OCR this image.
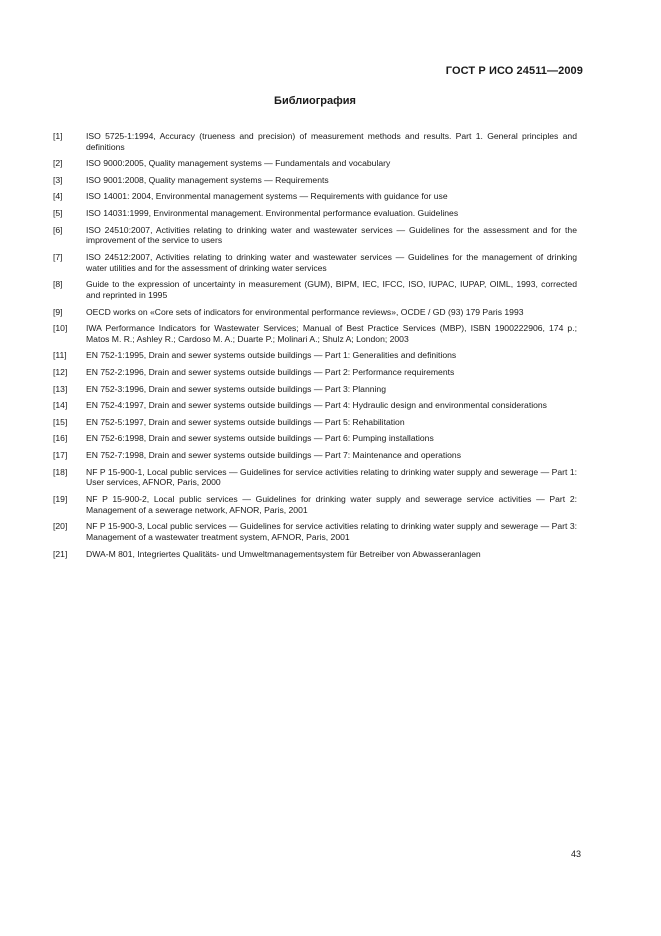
ГОСТ Р ИСО 24511—2009
Библиография
[1]	ISO 5725-1:1994, Accuracy (trueness and precision) of measurement methods and results. Part 1. General principles and definitions
[2]	ISO 9000:2005, Quality management systems — Fundamentals and vocabulary
[3]	ISO 9001:2008, Quality management systems — Requirements
[4]	ISO 14001: 2004, Environmental management systems — Requirements with guidance for use
[5]	ISO 14031:1999, Environmental management. Environmental performance evaluation. Guidelines
[6]	ISO 24510:2007, Activities relating to drinking water and wastewater services — Guidelines for the assessment and for the improvement of the service to users
[7]	ISO 24512:2007, Activities relating to drinking water and wastewater services — Guidelines for the management of drinking water utilities and for the assessment of drinking water services
[8]	Guide to the expression of uncertainty in measurement (GUM), BIPM, IEC, IFCC, ISO, IUPAC, IUPAP, OIML, 1993, corrected and reprinted in 1995
[9]	OECD works on «Core sets of indicators for environmental performance reviews», OCDE / GD (93) 179 Paris 1993
[10]	IWA Performance Indicators for Wastewater Services; Manual of Best Practice Services (MBP), ISBN 1900222906, 174 p.; Matos M. R.; Ashley R.; Cardoso M. A.; Duarte P.; Molinari A.; Shulz A; London; 2003
[11]	EN 752-1:1995, Drain and sewer systems outside buildings — Part 1: Generalities and definitions
[12]	EN 752-2:1996, Drain and sewer systems outside buildings — Part 2: Performance requirements
[13]	EN 752-3:1996, Drain and sewer systems outside buildings — Part 3: Planning
[14]	EN 752-4:1997, Drain and sewer systems outside buildings — Part 4: Hydraulic design and environmental considerations
[15]	EN 752-5:1997, Drain and sewer systems outside buildings — Part 5: Rehabilitation
[16]	EN 752-6:1998, Drain and sewer systems outside buildings — Part 6: Pumping installations
[17]	EN 752-7:1998, Drain and sewer systems outside buildings — Part 7: Maintenance and operations
[18]	NF P 15-900-1, Local public services — Guidelines for service activities relating to drinking water supply and sewerage — Part 1: User services, AFNOR, Paris, 2000
[19]	NF P 15-900-2, Local public services — Guidelines for drinking water supply and sewerage service activities — Part 2: Management of a sewerage network, AFNOR, Paris, 2001
[20]	NF P 15-900-3, Local public services — Guidelines for service activities relating to drinking water supply and sewerage — Part 3: Management of a wastewater treatment system, AFNOR, Paris, 2001
[21]	DWA-M 801, Integriertes Qualitäts- und Umweltmanagementsystem für Betreiber von Abwasseranlagen
43
